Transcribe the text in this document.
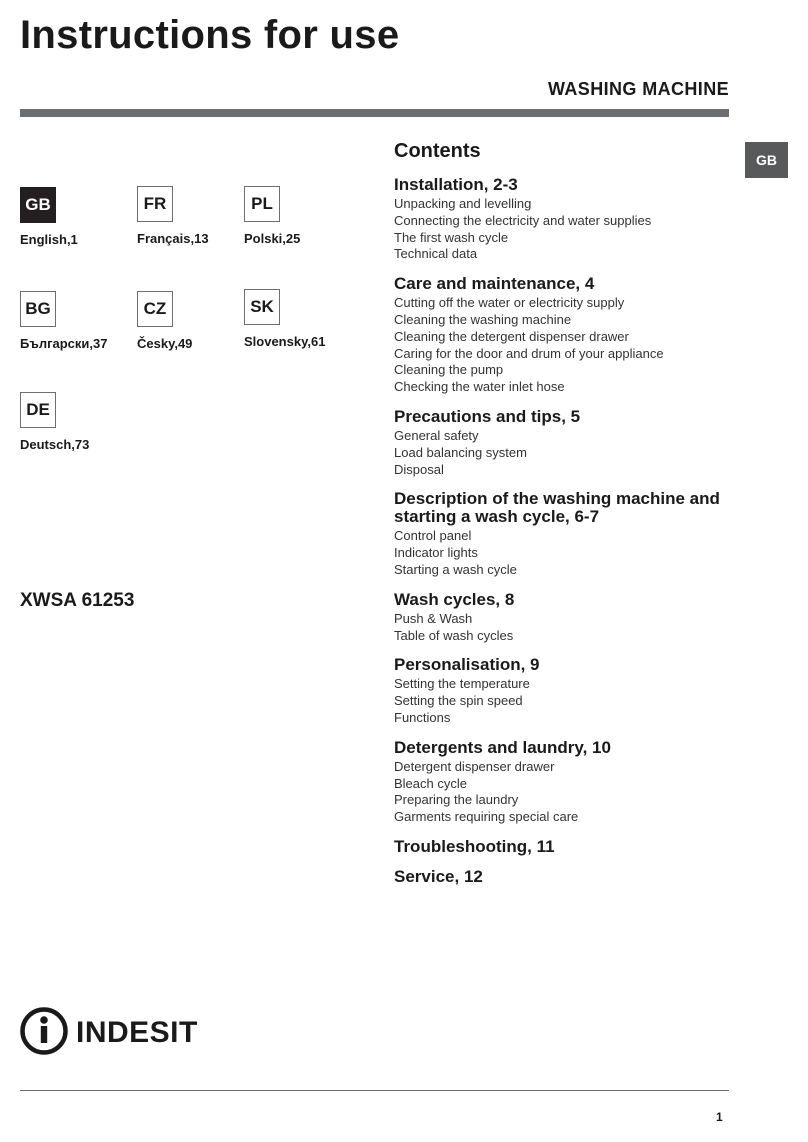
Instructions for use
WASHING MACHINE
GB
GB
English,1
FR
Français,13
PL
Polski,25
BG
Български,37
CZ
Česky,49
SK
Slovensky,61
DE
Deutsch,73
XWSA 61253
Contents
Installation, 2-3
Unpacking and levelling
Connecting the electricity and water supplies
The first wash cycle
Technical data
Care and maintenance, 4
Cutting off the water or electricity supply
Cleaning the washing machine
Cleaning the detergent dispenser drawer
Caring for the door and drum of your appliance
Cleaning the pump
Checking the water inlet hose
Precautions and tips, 5
General safety
Load balancing system
Disposal
Description of the washing machine and starting a wash cycle, 6-7
Control panel
Indicator lights
Starting a wash cycle
Wash cycles, 8
Push & Wash
Table of wash cycles
Personalisation, 9
Setting the temperature
Setting the spin speed
Functions
Detergents and laundry, 10
Detergent dispenser drawer
Bleach cycle
Preparing the laundry
Garments requiring special care
Troubleshooting, 11
Service, 12
INDESIT
1
